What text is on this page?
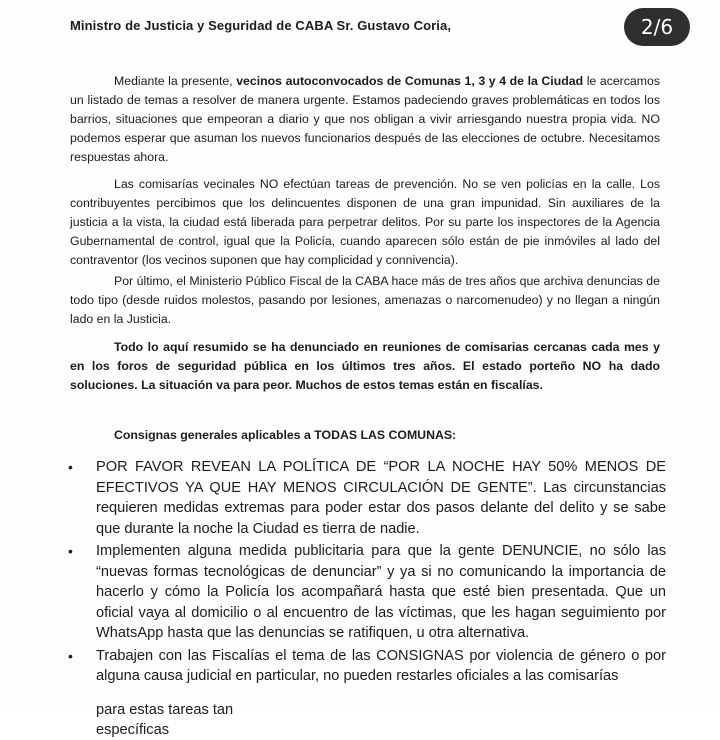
Ministro de Justicia y Seguridad de CABA Sr. Gustavo Coria,	2/6

Mediante la presente, vecinos autoconvocados de Comunas 1, 3 y 4 de la Ciudad le acercamos un listado de temas a resolver de manera urgente. Estamos padeciendo graves problemáticas en todos los barrios, situaciones que empeoran a diario y que nos obligan a vivir arriesgando nuestra propia vida. NO podemos esperar que asuman los nuevos funcionarios después de las elecciones de octubre. Necesitamos respuestas ahora.

Las comisarías vecinales NO efectúan tareas de prevención. No se ven policías en la calle. Los contribuyentes percibimos que los delincuentes disponen de una gran impunidad. Sin auxiliares de la justicia a la vista, la ciudad está liberada para perpetrar delitos. Por su parte los inspectores de la Agencia Gubernamental de control, igual que la Policía, cuando aparecen sólo están de pie inmóviles al lado del contraventor (los vecinos suponen que hay complicidad y connivencia).

Por último, el Ministerio Público Fiscal de la CABA hace más de tres años que archiva denuncias de todo tipo (desde ruidos molestos, pasando por lesiones, amenazas o narcomenudeo) y no llegan a ningún lado en la Justicia.

Todo lo aquí resumido se ha denunciado en reuniones de comisarias cercanas cada mes y en los foros de seguridad pública en los últimos tres años. El estado porteño NO ha dado soluciones. La situación va para peor. Muchos de estos temas están en fiscalías.

Consignas generales aplicables a TODAS LAS COMUNAS:
• POR FAVOR REVEAN LA POLÍTICA DE “POR LA NOCHE HAY 50% MENOS DE EFECTIVOS YA QUE HAY MENOS CIRCULACIÓN DE GENTE”. Las circunstancias requieren medidas extremas para poder estar dos pasos delante del delito y se sabe que durante la noche la Ciudad es tierra de nadie.
• Implementen alguna medida publicitaria para que la gente DENUNCIE, no sólo las “nuevas formas tecnológicas de denunciar” y ya si no comunicando la importancia de hacerlo y cómo la Policía los acompañará hasta que esté bien presentada. Que un oficial vaya al domicilio o al encuentro de las víctimas, que les hagan seguimiento por WhatsApp hasta que las denuncias se ratifiquen, u otra alternativa.
• Trabajen con las Fiscalías el tema de las CONSIGNAS por violencia de género o por alguna causa judicial en particular, no pueden restarles oficiales a las comisarías
para estas tareas tan específicas
